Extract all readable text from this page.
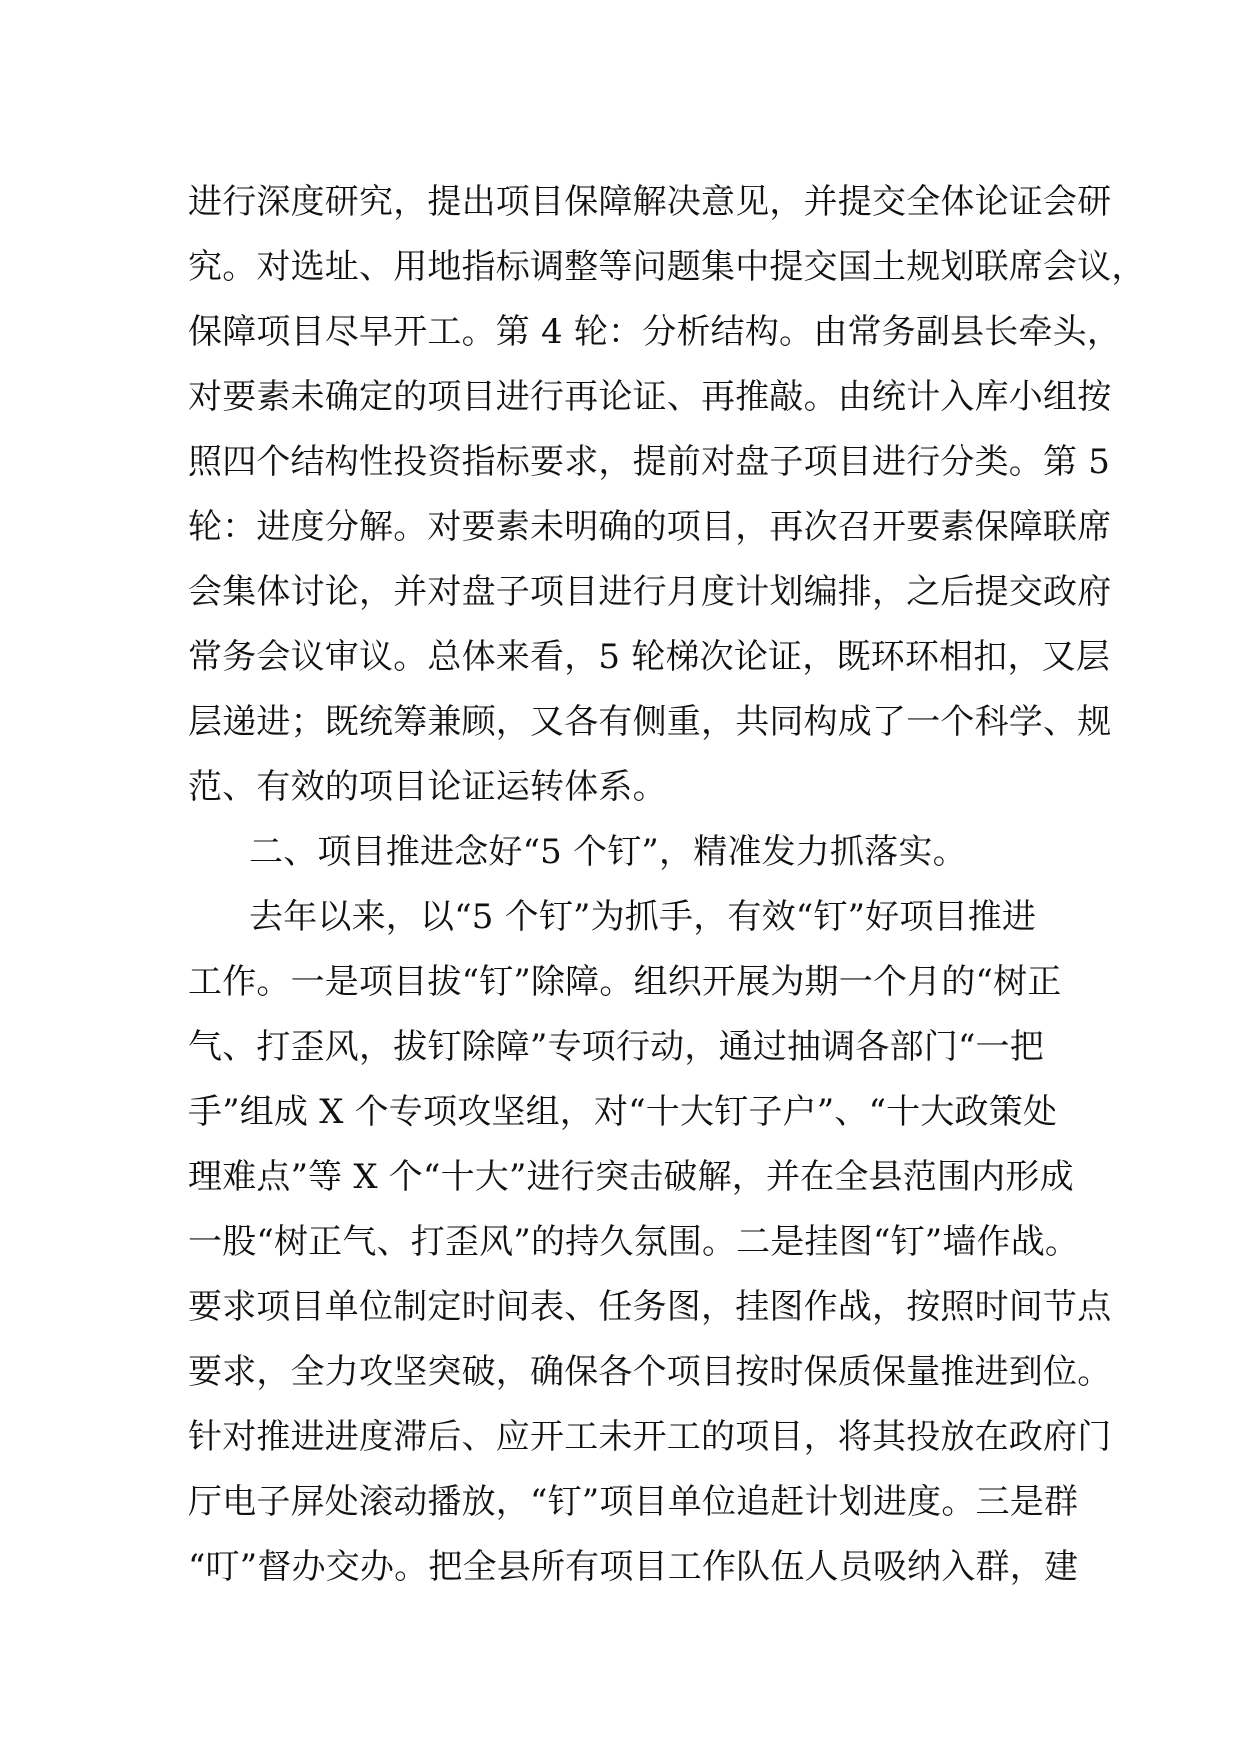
进行深度研究，提出项目保障解决意见，并提交全体论证会研
究。对选址、用地指标调整等问题集中提交国土规划联席会议，
保障项目尽早开工。第 4 轮：分析结构。由常务副县长牵头，
对要素未确定的项目进行再论证、再推敲。由统计入库小组按
照四个结构性投资指标要求，提前对盘子项目进行分类。第 5
轮：进度分解。对要素未明确的项目，再次召开要素保障联席
会集体讨论，并对盘子项目进行月度计划编排，之后提交政府
常务会议审议。总体来看，5 轮梯次论证，既环环相扣，又层
层递进；既统筹兼顾，又各有侧重，共同构成了一个科学、规
范、有效的项目论证运转体系。
二、项目推进念好“5 个钉”，精准发力抓落实。
去年以来，以“5 个钉”为抓手，有效“钉”好项目推进
工作。一是项目拔“钉”除障。组织开展为期一个月的“树正
气、打歪风，拔钉除障”专项行动，通过抽调各部门“一把
手”组成 X 个专项攻坚组，对“十大钉子户”、“十大政策处
理难点”等 X 个“十大”进行突击破解，并在全县范围内形成
一股“树正气、打歪风”的持久氛围。二是挂图“钉”墙作战。
要求项目单位制定时间表、任务图，挂图作战，按照时间节点
要求，全力攻坚突破，确保各个项目按时保质保量推进到位。
针对推进进度滞后、应开工未开工的项目，将其投放在政府门
厅电子屏处滚动播放，“钉”项目单位追赶计划进度。三是群
“叮”督办交办。把全县所有项目工作队伍人员吸纳入群，建
